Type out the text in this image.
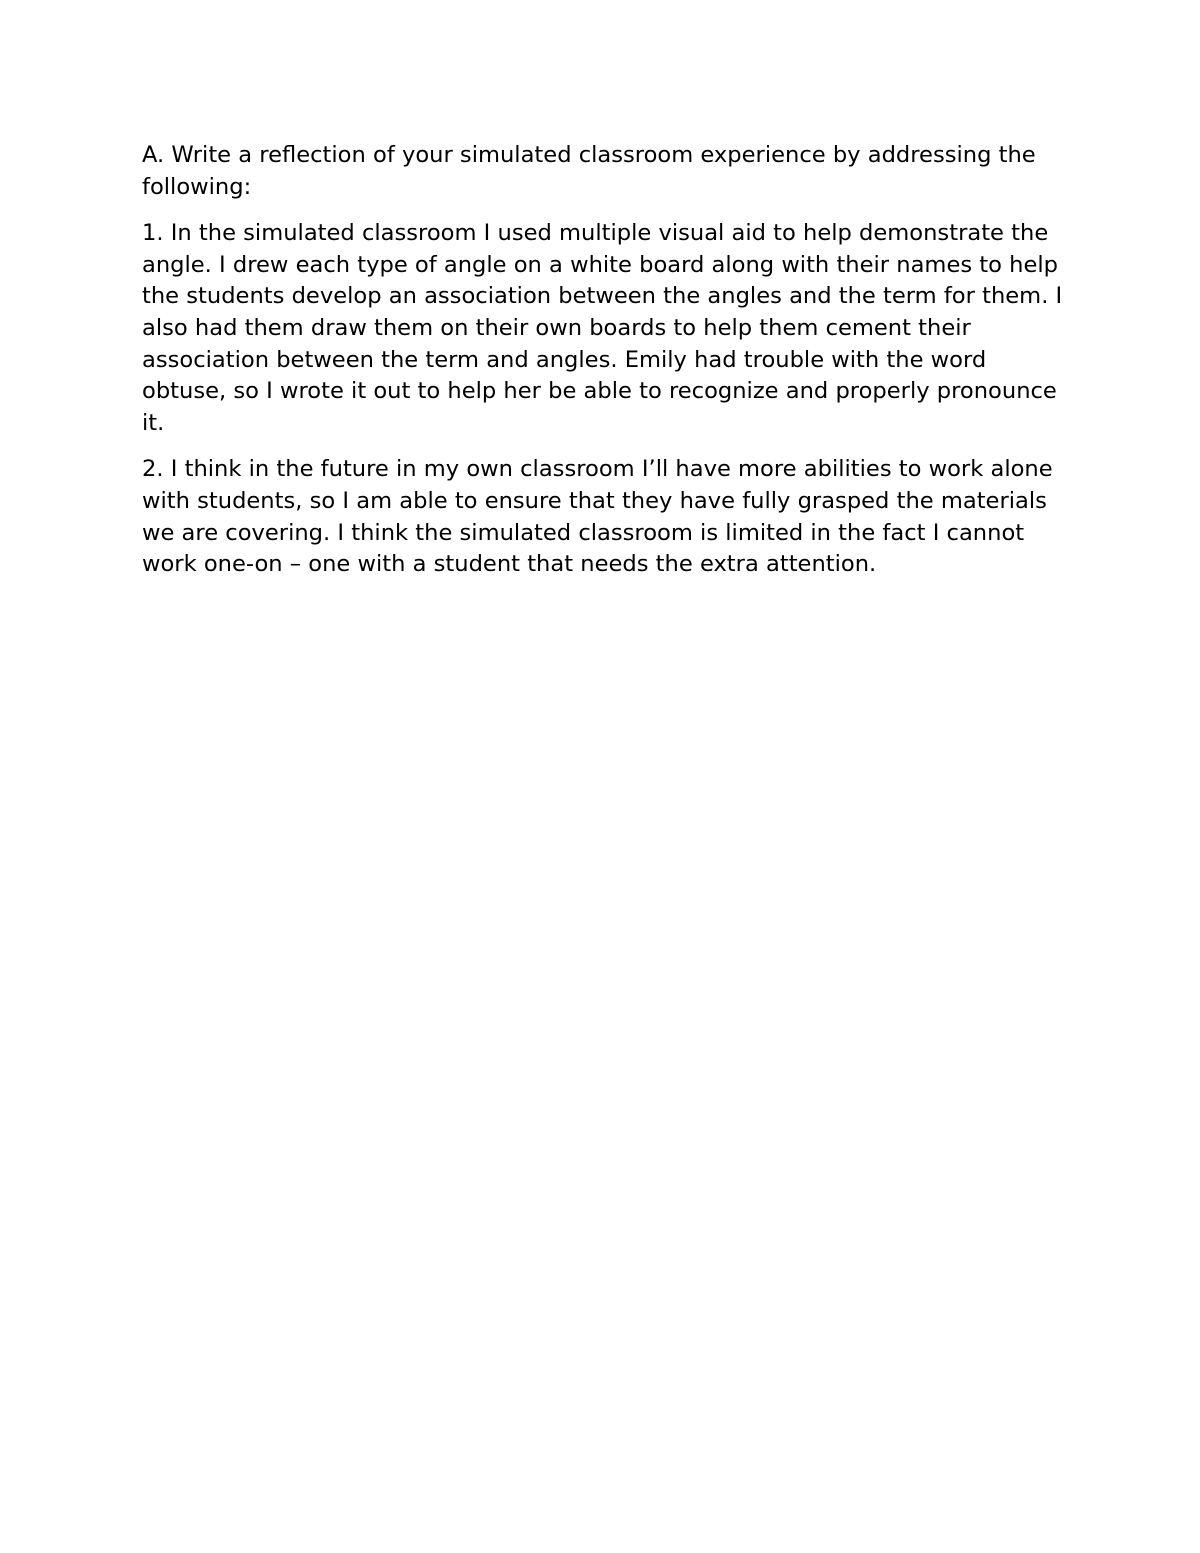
A. Write a reflection of your simulated classroom experience by addressing the following:

1. In the simulated classroom I used multiple visual aid to help demonstrate the angle. I drew each type of angle on a white board along with their names to help the students develop an association between the angles and the term for them. I also had them draw them on their own boards to help them cement their association between the term and angles. Emily had trouble with the word obtuse, so I wrote it out to help her be able to recognize and properly pronounce it.

2. I think in the future in my own classroom I’ll have more abilities to work alone with students, so I am able to ensure that they have fully grasped the materials we are covering. I think the simulated classroom is limited in the fact I cannot work one-on – one with a student that needs the extra attention.
